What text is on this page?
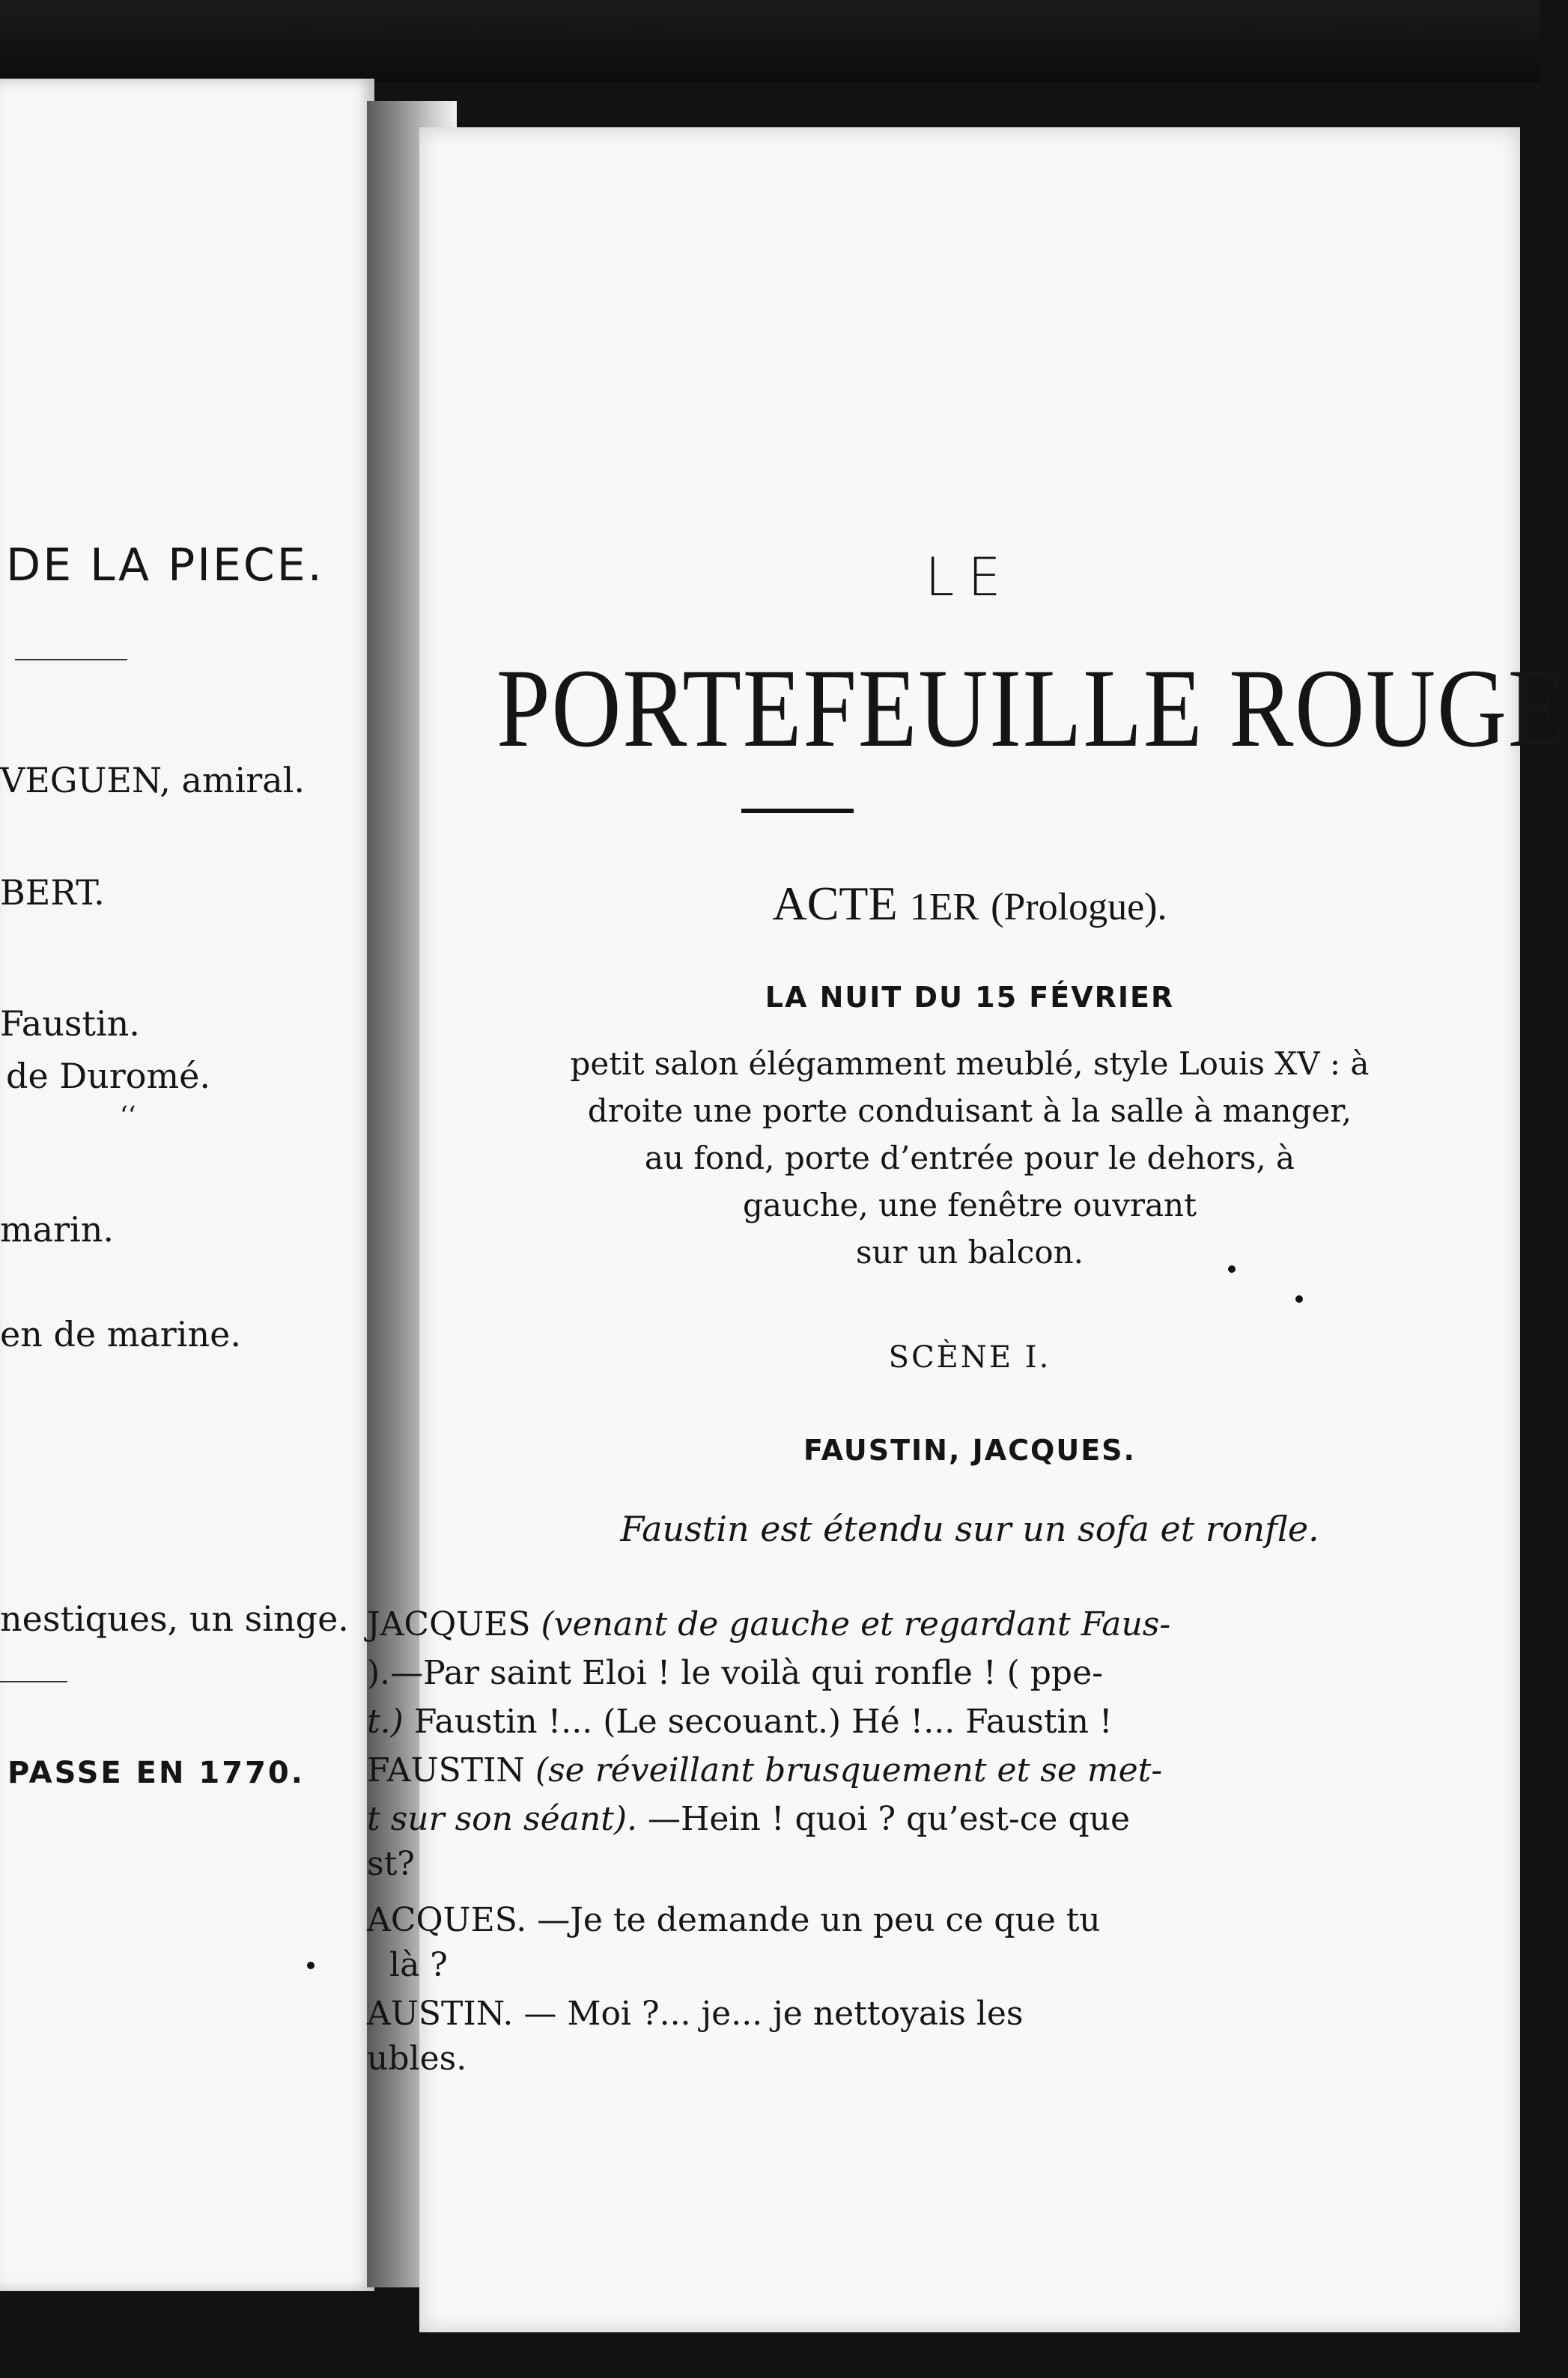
DE LA PIECE.
VEGUEN, amiral.
BERT.
Faustin.
de Duromé.
‘‘
marin.
en de marine.
nestiques, un singe.
PASSE EN 1770.
LE
PORTEFEUILLE ROUGE
ACTE 1ER (Prologue).
LA NUIT DU 15 FÉVRIER
petit salon élégamment meublé, style Louis XV : à
droite une porte conduisant à la salle à manger,
au fond, porte d’entrée pour le dehors, à
gauche, une fenêtre ouvrant
sur un balcon.
SCÈNE I.
FAUSTIN, JACQUES.
Faustin est étendu sur un sofa et ronfle.
JACQUES (venant de gauche et regardant Faus-
).—Par saint Eloi ! le voilà qui ronfle ! ( ppe-
t.) Faustin !... (Le secouant.) Hé !... Faustin !
FAUSTIN (se réveillant brusquement et se met-
t sur son séant). —Hein ! quoi ? qu’est-ce que
st?
ACQUES. —Je te demande un peu ce que tu
là ?
AUSTIN. — Moi ?... je... je nettoyais les
ubles.
